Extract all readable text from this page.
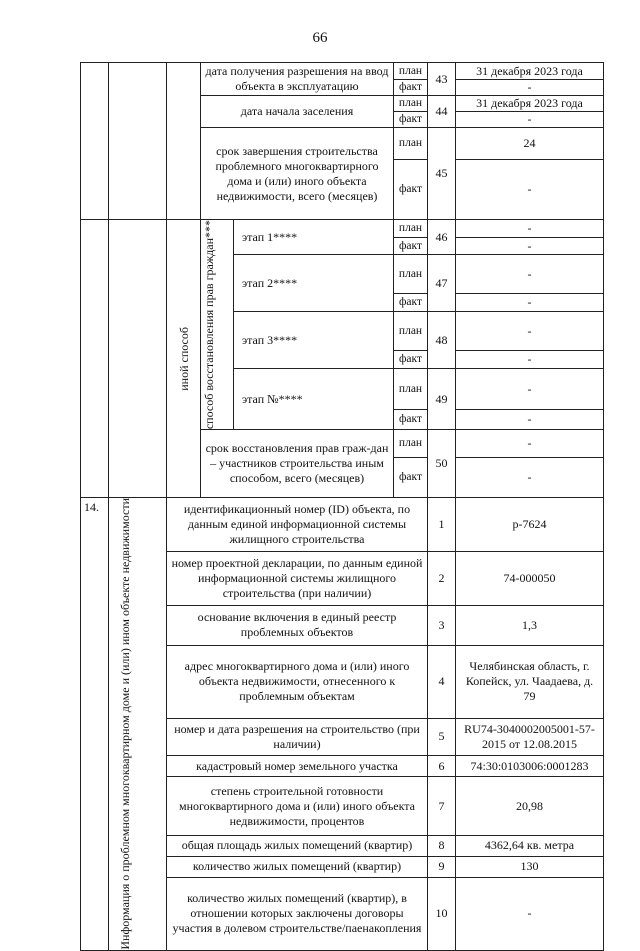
66
			дата получения разрешения на ввод объекта в эксплуатацию		план	43	31 декабря 2023 года
					факт		-
			дата начала заселения		план	44	31 декабря 2023 года
					факт		-
			срок завершения строительства проблемного многоквартирного дома и (или) иного объекта недвижимости, всего (месяцев)		план	45	24
					факт		-

		иной способ	способ восстановления прав граждан***	этап 1****	план	46	-
					факт		-
				этап 2****	план	47	-
					факт		-
				этап 3****	план	48	-
					факт		-
				этап №****	план	49	-
					факт		-
			срок восстановления прав граж-дан – участников строительства иным способом, всего (месяцев)		план	50	-
					факт		-
14.	Информация о проблемном многоквартирном доме и (или) ином объекте недвижимости	идентификационный номер (ID) объекта, по данным единой информационной системы жилищного строительства				1	р-7624
		номер проектной декларации, по данным единой информационной системы жилищного строительства (при наличии)				2	74-000050
		основание включения в единый реестр проблемных объектов				3	1,3
		адрес многоквартирного дома и (или) иного объекта недвижимости, отнесенного к проблемным объектам				4	Челябинская область, г. Копейск, ул. Чаадаева, д. 79
		номер и дата разрешения на строительство (при наличии)				5	RU74-3040002005001-57-2015 от 12.08.2015
		кадастровый номер земельного участка				6	74:30:0103006:0001283
		степень строительной готовности многоквартирного дома и (или) иного объекта недвижимости, процентов				7	20,98
		общая площадь жилых помещений (квартир)				8	4362,64 кв. метра
		количество жилых помещений (квартир)				9	130
		количество жилых помещений (квартир), в отношении которых заключены договоры участия в долевом строительстве/паенакопления				10	-
